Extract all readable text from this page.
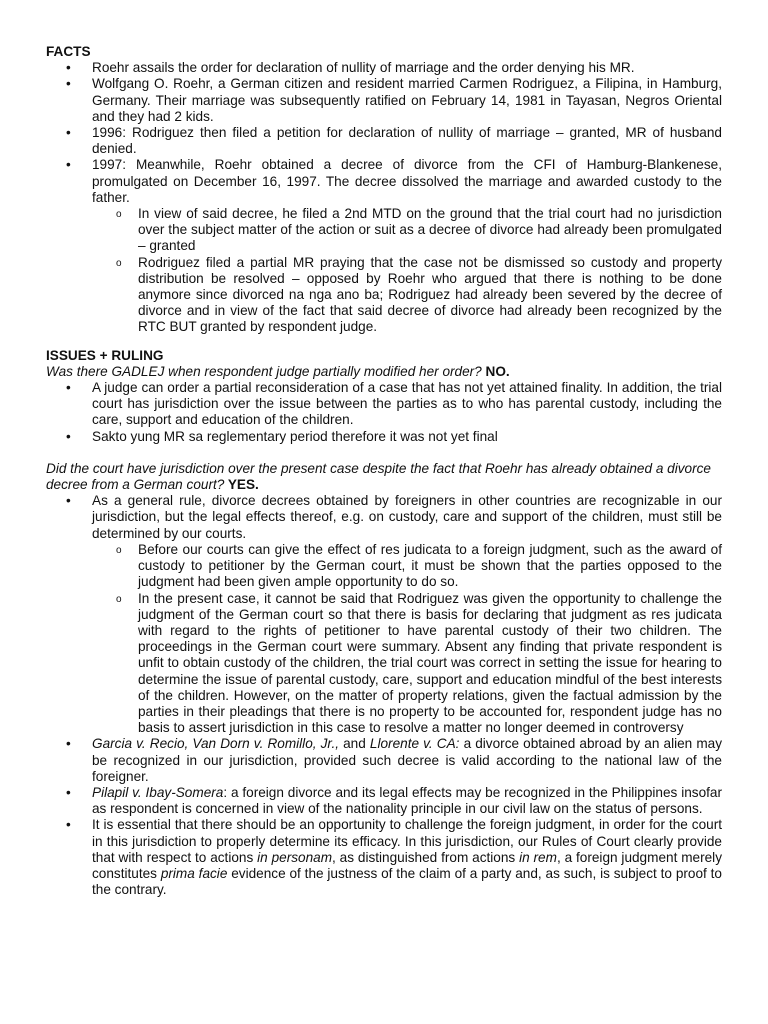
FACTS
• Roehr assails the order for declaration of nullity of marriage and the order denying his MR.
• Wolfgang O. Roehr, a German citizen and resident married Carmen Rodriguez, a Filipina, in Hamburg, Germany. Their marriage was subsequently ratified on February 14, 1981 in Tayasan, Negros Oriental and they had 2 kids.
• 1996: Rodriguez then filed a petition for declaration of nullity of marriage – granted, MR of husband denied.
• 1997: Meanwhile, Roehr obtained a decree of divorce from the CFI of Hamburg-Blankenese, promulgated on December 16, 1997. The decree dissolved the marriage and awarded custody to the father.
o In view of said decree, he filed a 2nd MTD on the ground that the trial court had no jurisdiction over the subject matter of the action or suit as a decree of divorce had already been promulgated – granted
o Rodriguez filed a partial MR praying that the case not be dismissed so custody and property distribution be resolved – opposed by Roehr who argued that there is nothing to be done anymore since divorced na nga ano ba; Rodriguez had already been severed by the decree of divorce and in view of the fact that said decree of divorce had already been recognized by the RTC BUT granted by respondent judge.
ISSUES + RULING

Was there GADLEJ when respondent judge partially modified her order? NO.

• A judge can order a partial reconsideration of a case that has not yet attained finality. In addition, the trial court has jurisdiction over the issue between the parties as to who has parental custody, including the care, support and education of the children.
• Sakto yung MR sa reglementary period therefore it was not yet final

Did the court have jurisdiction over the present case despite the fact that Roehr has already obtained a divorce decree from a German court? YES.

• As a general rule, divorce decrees obtained by foreigners in other countries are recognizable in our jurisdiction, but the legal effects thereof, e.g. on custody, care and support of the children, must still be determined by our courts.
o Before our courts can give the effect of res judicata to a foreign judgment, such as the award of custody to petitioner by the German court, it must be shown that the parties opposed to the judgment had been given ample opportunity to do so.
o In the present case, it cannot be said that Rodriguez was given the opportunity to challenge the judgment of the German court so that there is basis for declaring that judgment as res judicata with regard to the rights of petitioner to have parental custody of their two children. The proceedings in the German court were summary. Absent any finding that private respondent is unfit to obtain custody of the children, the trial court was correct in setting the issue for hearing to determine the issue of parental custody, care, support and education mindful of the best interests of the children. However, on the matter of property relations, given the factual admission by the parties in their pleadings that there is no property to be accounted for, respondent judge has no basis to assert jurisdiction in this case to resolve a matter no longer deemed in controversy
• Garcia v. Recio, Van Dorn v. Romillo, Jr., and Llorente v. CA: a divorce obtained abroad by an alien may be recognized in our jurisdiction, provided such decree is valid according to the national law of the foreigner.
• Pilapil v. Ibay-Somera: a foreign divorce and its legal effects may be recognized in the Philippines insofar as respondent is concerned in view of the nationality principle in our civil law on the status of persons.
• It is essential that there should be an opportunity to challenge the foreign judgment, in order for the court in this jurisdiction to properly determine its efficacy. In this jurisdiction, our Rules of Court clearly provide that with respect to actions in personam, as distinguished from actions in rem, a foreign judgment merely constitutes prima facie evidence of the justness of the claim of a party and, as such, is subject to proof to the contrary.
